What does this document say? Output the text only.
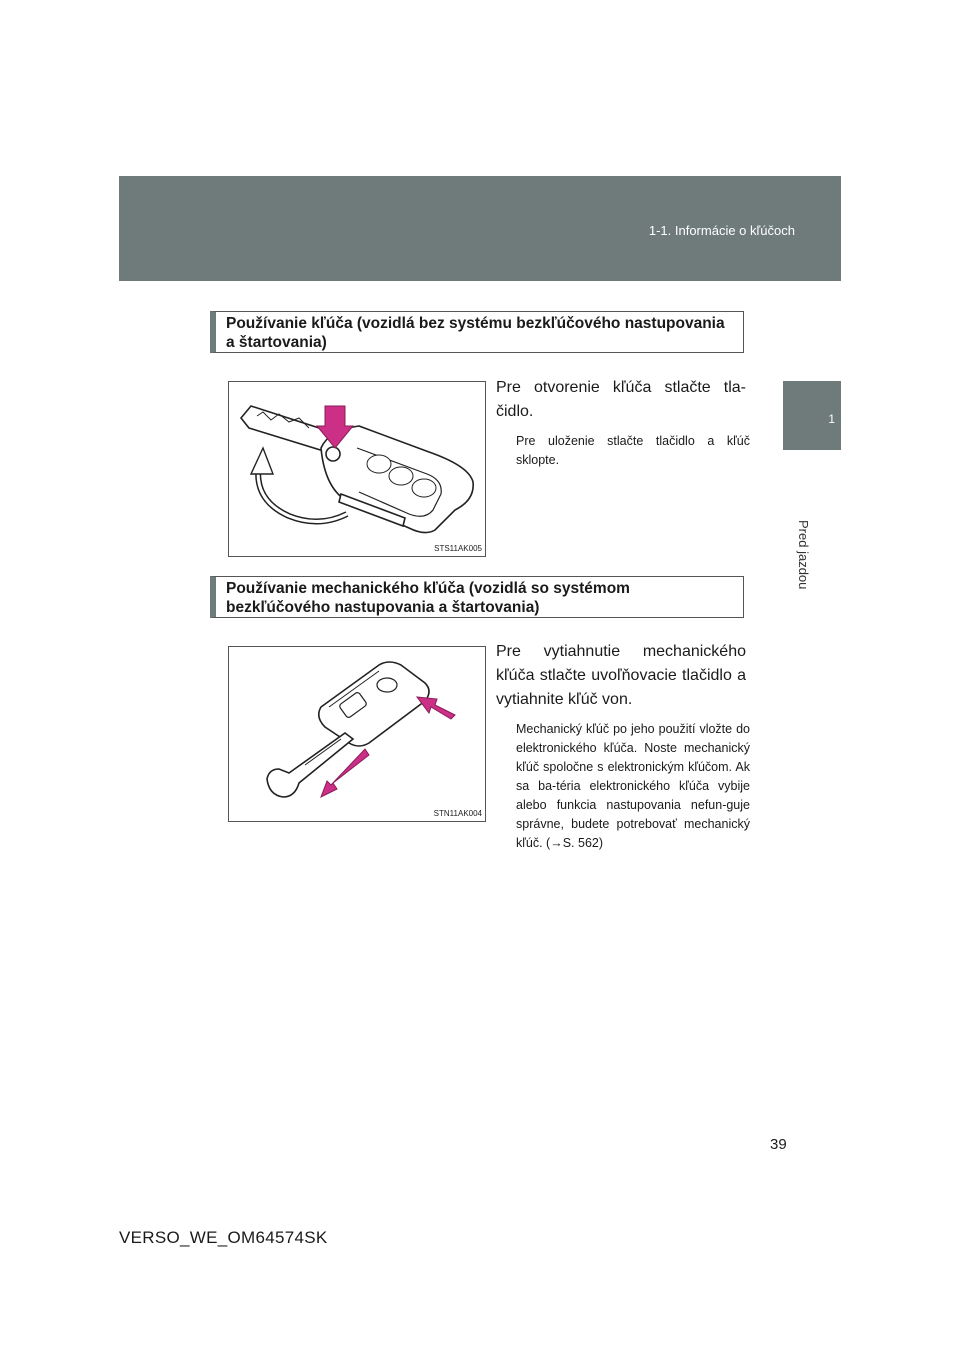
1-1. Informácie o kľúčoch
1
Pred jazdou
Používanie kľúča (vozidlá bez systému bezkľúčového nastupovania a štartovania)
STS11AK005
Pre otvorenie kľúča stlačte tla-čidlo.
Pre uloženie stlačte tlačidlo a kľúč sklopte.
Používanie mechanického kľúča (vozidlá so systémom bezkľúčového nastupovania a štartovania)
STN11AK004
Pre vytiahnutie mechanického kľúča stlačte uvoľňovacie tlačidlo a vytiahnite kľúč von.
Mechanický kľúč po jeho použití vložte do elektronického kľúča. Noste mechanický kľúč spoločne s elektronickým kľúčom. Ak sa ba-téria elektronického kľúča vybije alebo funkcia nastupovania nefun-guje správne, budete potrebovať mechanický kľúč. (→S. 562)
39
VERSO_WE_OM64574SK
